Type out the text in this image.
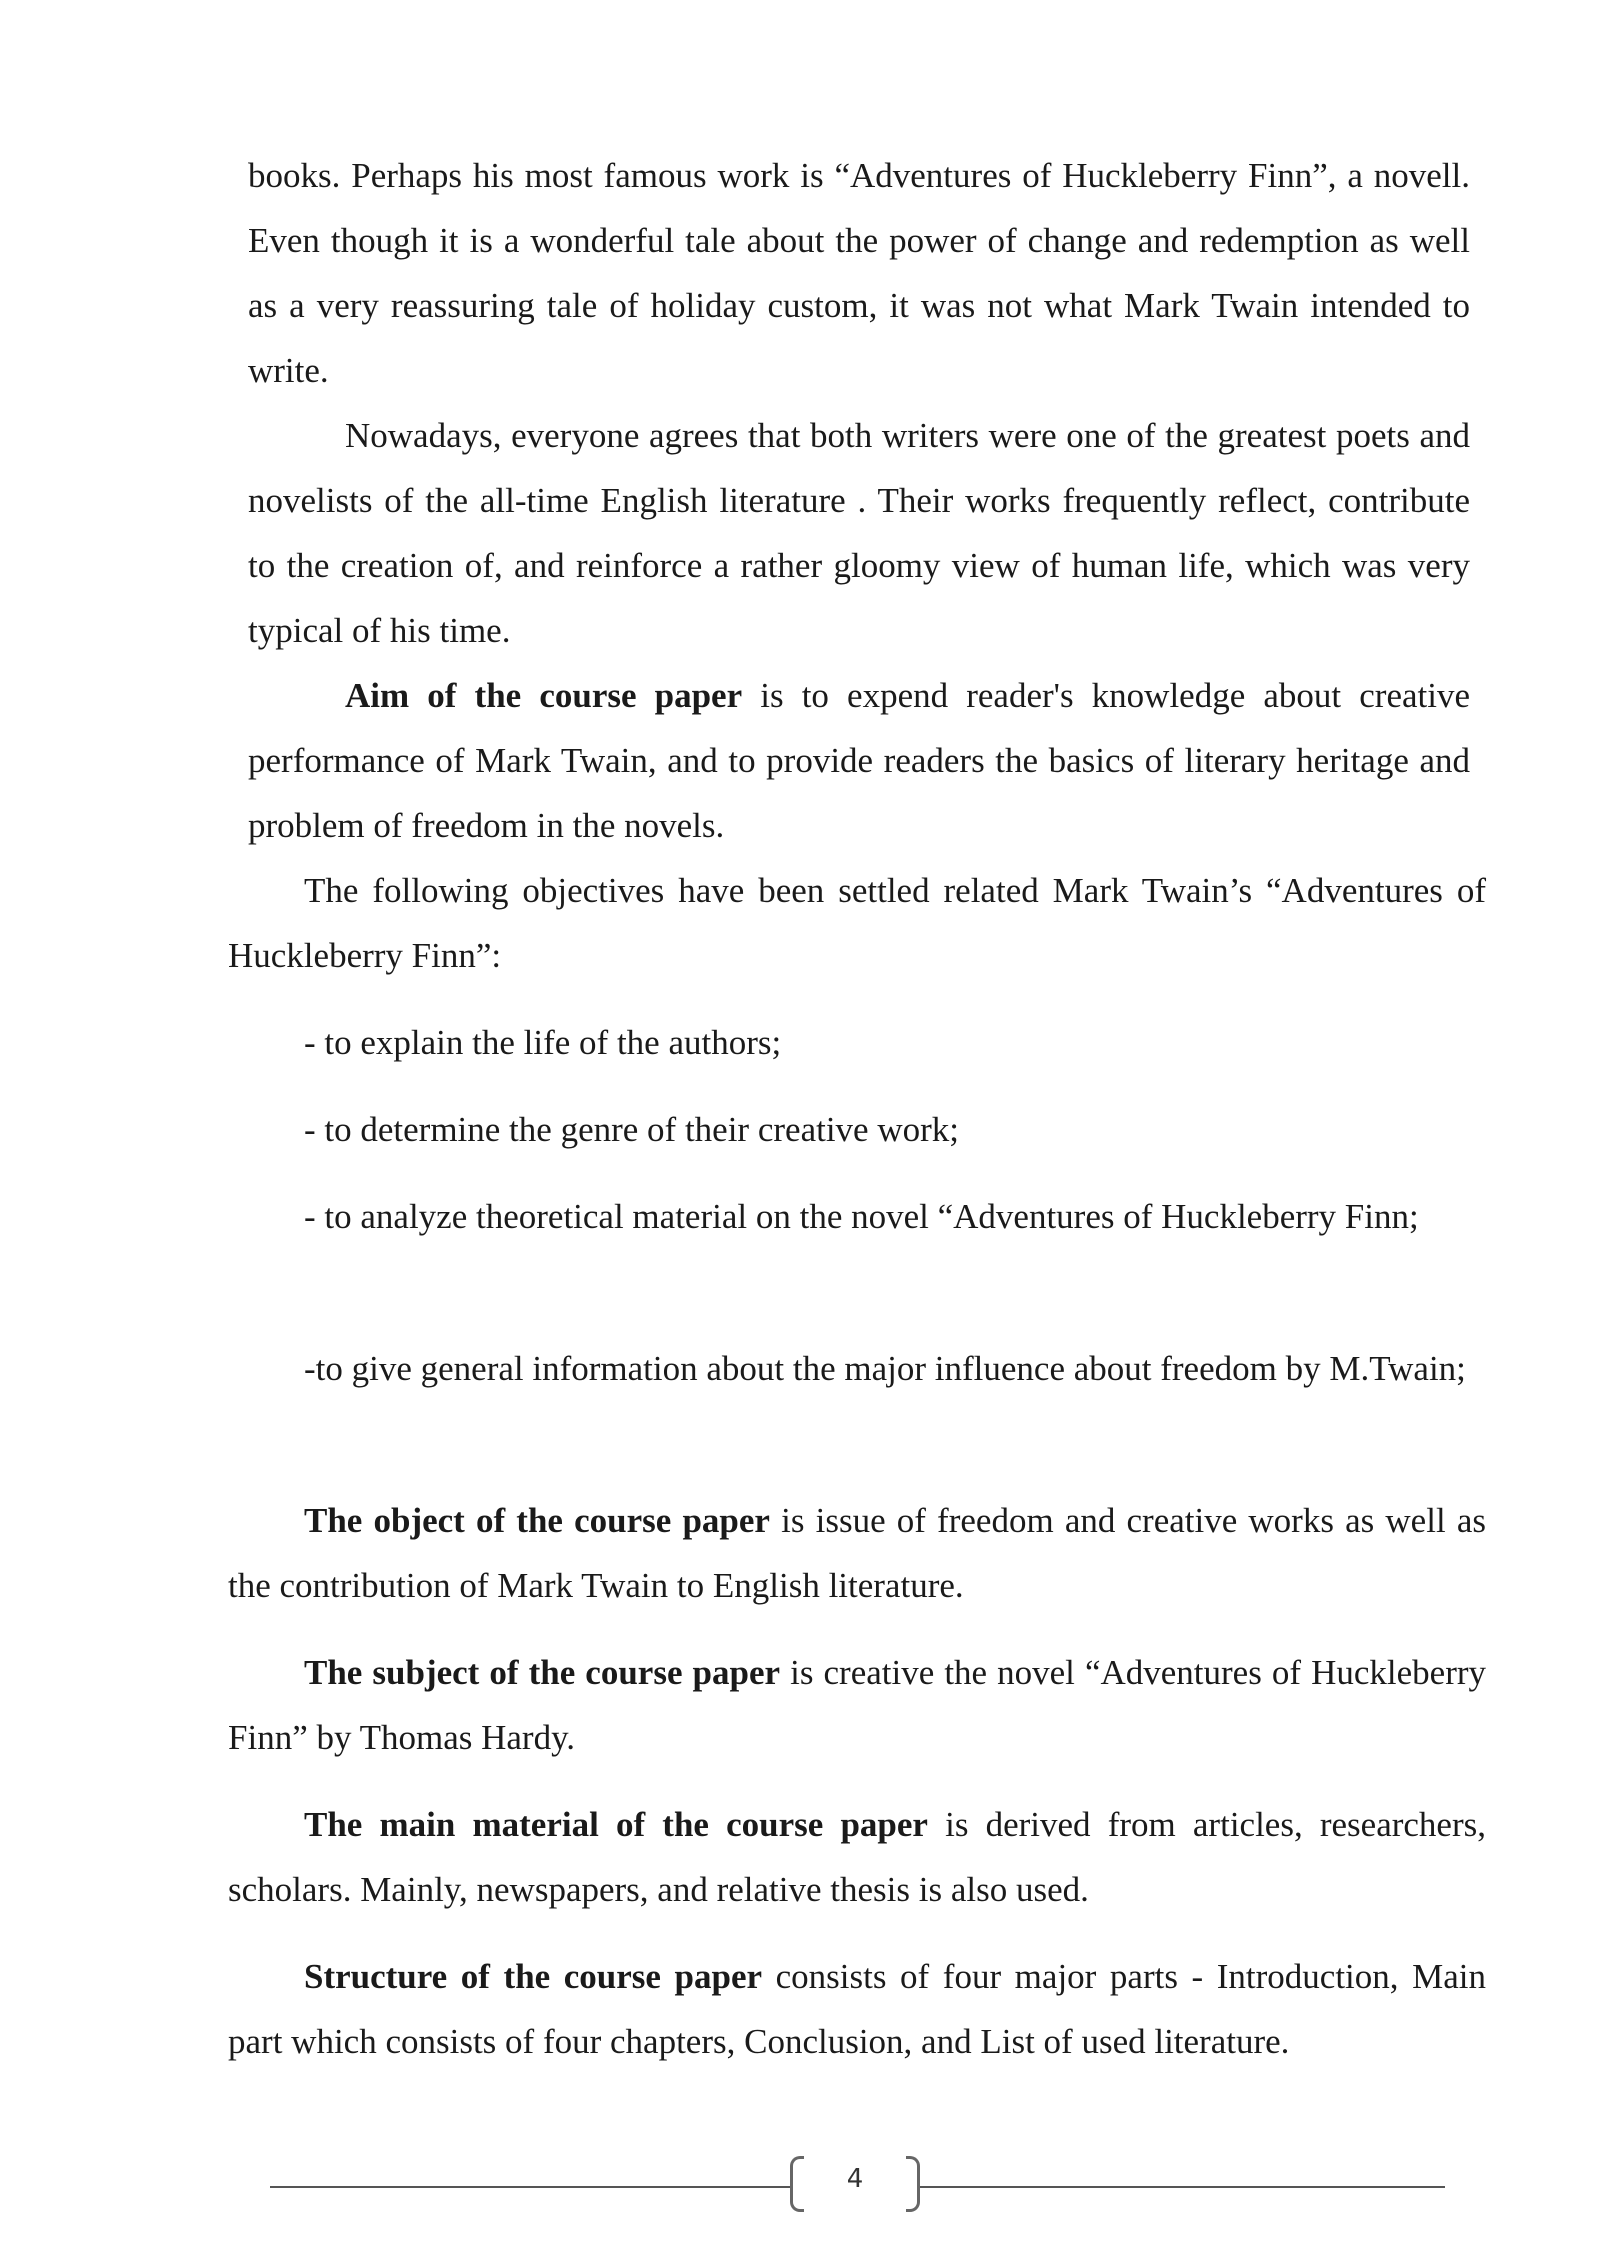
books. Perhaps his most famous work is “Adventures of Huckleberry Finn”, a novell. Even though it is a wonderful tale about the power of change and redemption as well as a very reassuring tale of holiday custom, it was not what Mark Twain intended to write.

Nowadays, everyone agrees that both writers were one of the greatest poets and novelists of the all-time English literature . Their works frequently reflect, contribute to the creation of, and reinforce a rather gloomy view of human life, which was very typical of his time.

Aim of the course paper is to expend reader's knowledge about creative performance of Mark Twain, and to provide readers the basics of literary heritage and problem of freedom in the novels.

The following objectives have been settled related Mark Twain’s “Adventures of Huckleberry Finn”:

- to explain the life of the authors;

- to determine the genre of their creative work;

- to analyze theoretical material on the novel “Adventures of Huckleberry Finn;

-to give general information about the major influence about freedom by M.Twain;

The object of the course paper is issue of freedom and creative works as well as the contribution of Mark Twain to English literature.

The subject of the course paper is creative the novel “Adventures of Huckleberry Finn” by Thomas Hardy.

The main material of the course paper is derived from articles, researchers, scholars. Mainly, newspapers, and relative thesis is also used.

Structure of the course paper consists of four major parts - Introduction, Main part which consists of four chapters, Conclusion, and List of used literature.

4
